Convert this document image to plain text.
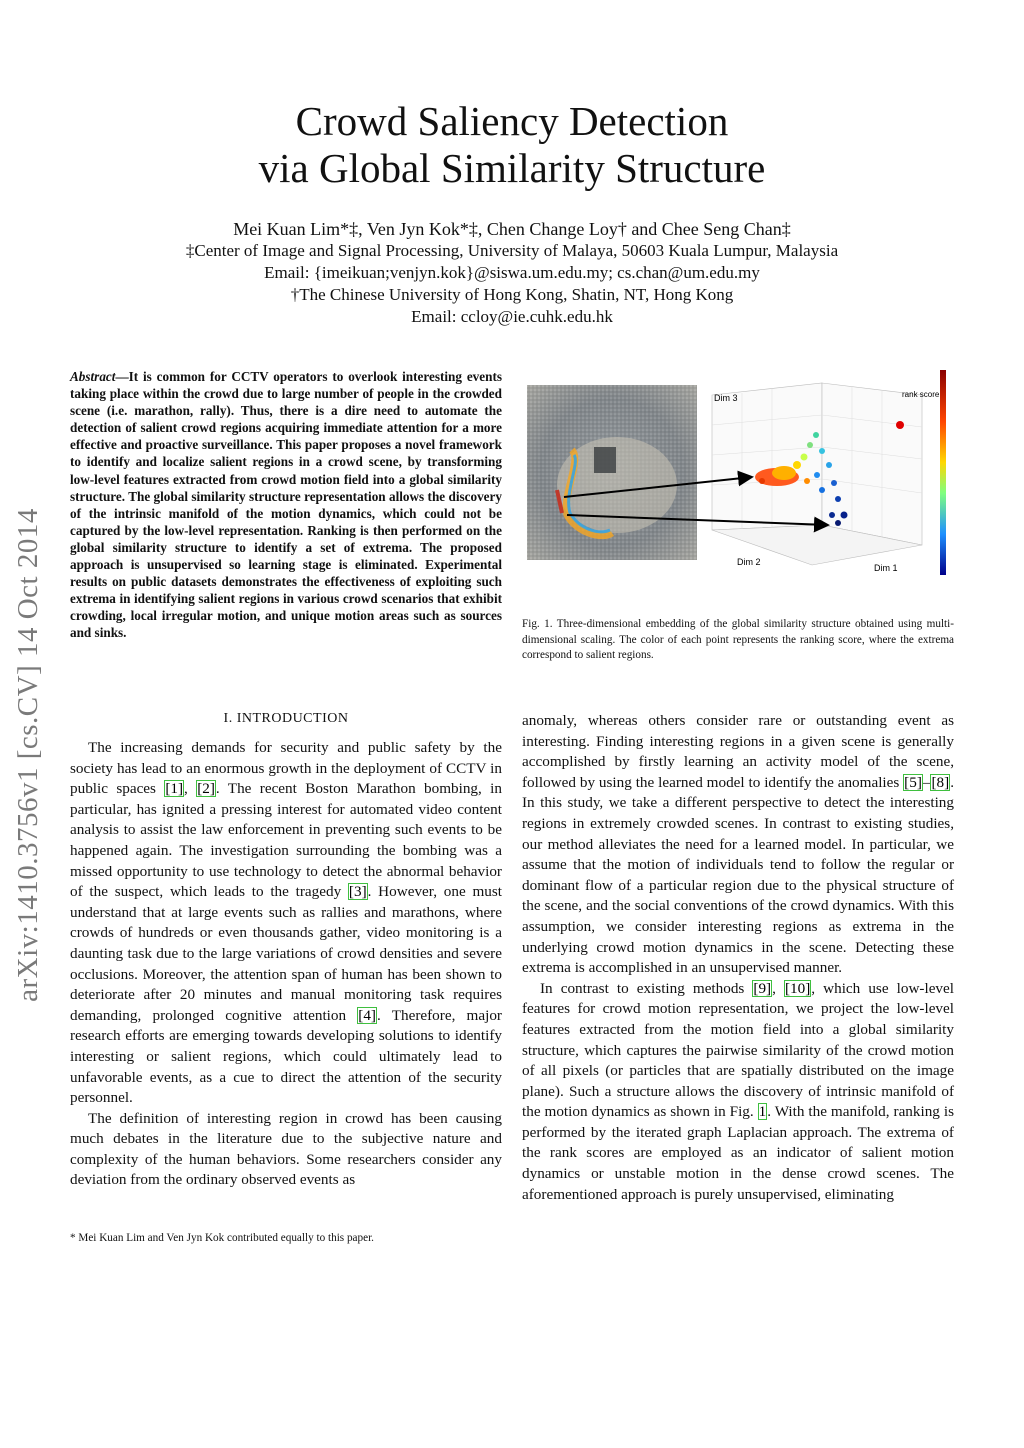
arXiv:1410.3756v1 [cs.CV] 14 Oct 2014
Crowd Saliency Detection
via Global Similarity Structure
Mei Kuan Lim*‡, Ven Jyn Kok*‡, Chen Change Loy† and Chee Seng Chan‡
‡Center of Image and Signal Processing, University of Malaya, 50603 Kuala Lumpur, Malaysia
Email: {imeikuan;venjyn.kok}@siswa.um.edu.my; cs.chan@um.edu.my
†The Chinese University of Hong Kong, Shatin, NT, Hong Kong
Email: ccloy@ie.cuhk.edu.hk
Abstract—It is common for CCTV operators to overlook interesting events taking place within the crowd due to large number of people in the crowded scene (i.e. marathon, rally). Thus, there is a dire need to automate the detection of salient crowd regions acquiring immediate attention for a more effective and proactive surveillance. This paper proposes a novel framework to identify and localize salient regions in a crowd scene, by transforming low-level features extracted from crowd motion field into a global similarity structure. The global similarity structure representation allows the discovery of the intrinsic manifold of the motion dynamics, which could not be captured by the low-level representation. Ranking is then performed on the global similarity structure to identify a set of extrema. The proposed approach is unsupervised so learning stage is eliminated. Experimental results on public datasets demonstrates the effectiveness of exploiting such extrema in identifying salient regions in various crowd scenarios that exhibit crowding, local irregular motion, and unique motion areas such as sources and sinks.
I. INTRODUCTION

The increasing demands for security and public safety by the society has lead to an enormous growth in the deployment of CCTV in public spaces [1], [2]. The recent Boston Marathon bombing, in particular, has ignited a pressing interest for automated video content analysis to assist the law enforcement in preventing such events to be happened again. The investigation surrounding the bombing was a missed opportunity to use technology to detect the abnormal behavior of the suspect, which leads to the tragedy [3]. However, one must understand that at large events such as rallies and marathons, where crowds of hundreds or even thousands gather, video monitoring is a daunting task due to the large variations of crowd densities and severe occlusions. Moreover, the attention span of human has been shown to deteriorate after 20 minutes and manual monitoring task requires demanding, prolonged cognitive attention [4]. Therefore, major research efforts are emerging towards developing solutions to identify interesting or salient regions, which could ultimately lead to unfavorable events, as a cue to direct the attention of the security personnel.

The definition of interesting region in crowd has been causing much debates in the literature due to the subjective nature and complexity of the human behaviors. Some researchers consider any deviation from the ordinary observed events as

* Mei Kuan Lim and Ven Jyn Kok contributed equally to this paper.
Dim 3
Dim 2
Dim 1
rank score
Fig. 1. Three-dimensional embedding of the global similarity structure obtained using multi-dimensional scaling. The color of each point represents the ranking score, where the extrema correspond to salient regions.

anomaly, whereas others consider rare or outstanding event as interesting. Finding interesting regions in a given scene is generally accomplished by firstly learning an activity model of the scene, followed by using the learned model to identify the anomalies [5]–[8]. In this study, we take a different perspective to detect the interesting regions in extremely crowded scenes. In contrast to existing studies, our method alleviates the need for a learned model. In particular, we assume that the motion of individuals tend to follow the regular or dominant flow of a particular region due to the physical structure of the scene, and the social conventions of the crowd dynamics. With this assumption, we consider interesting regions as extrema in the underlying crowd motion dynamics in the scene. Detecting these extrema is accomplished in an unsupervised manner.

In contrast to existing methods [9], [10], which use low-level features for crowd motion representation, we project the low-level features extracted from the motion field into a global similarity structure, which captures the pairwise similarity of the crowd motion of all pixels (or particles that are spatially distributed on the image plane). Such a structure allows the discovery of intrinsic manifold of the motion dynamics as shown in Fig. 1. With the manifold, ranking is performed by the iterated graph Laplacian approach. The extrema of the rank scores are employed as an indicator of salient motion dynamics or unstable motion in the dense crowd scenes. The aforementioned approach is purely unsupervised, eliminating
